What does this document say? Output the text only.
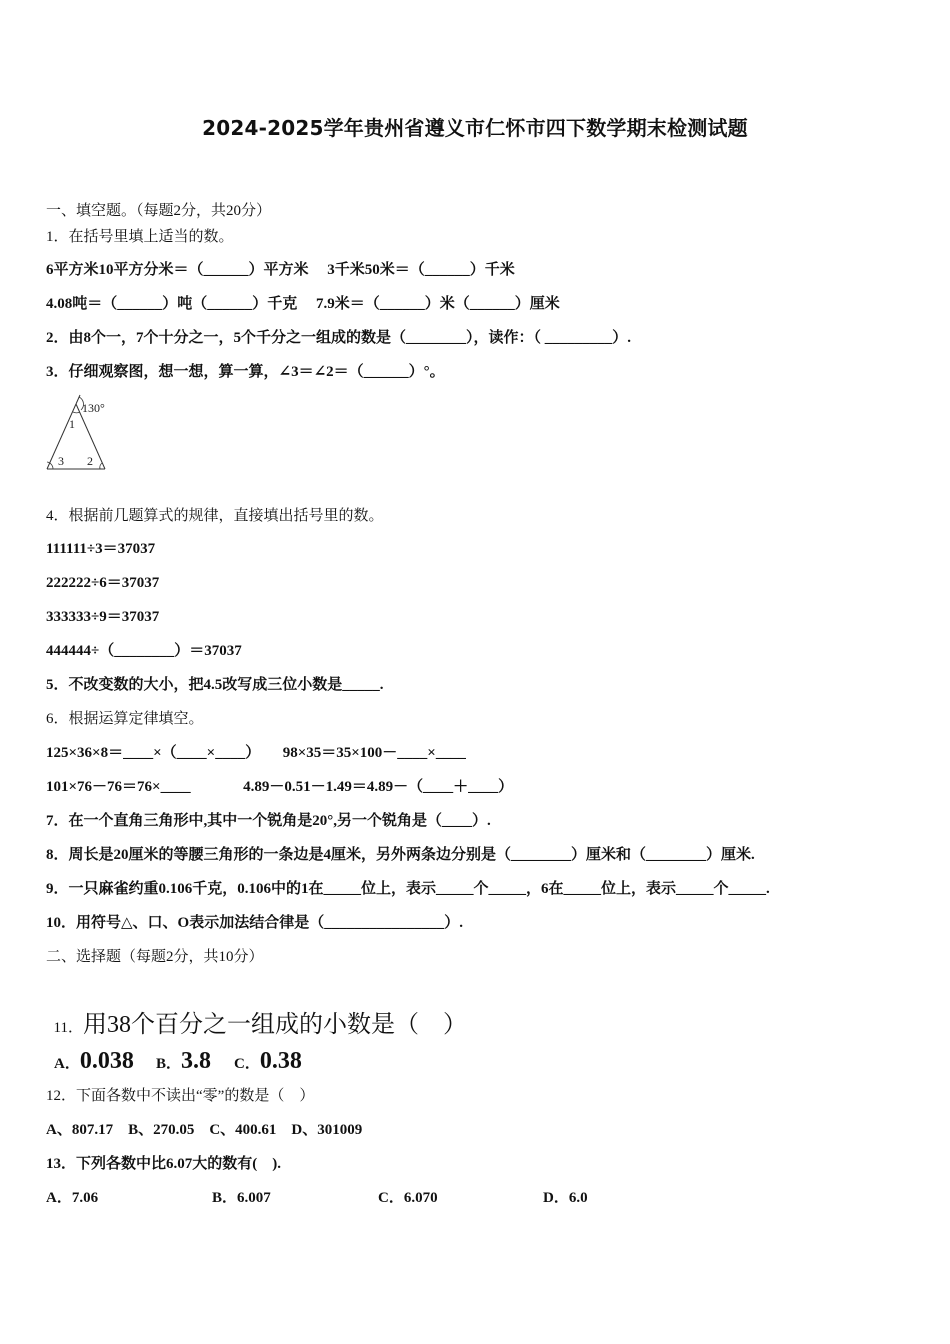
2024-2025学年贵州省遵义市仁怀市四下数学期末检测试题
一、填空题。（每题2分，共20分）
1．在括号里填上适当的数。
6平方米10平方分米＝（______）平方米     3千米50米＝（______）千米
4.08吨＝（______）吨（______）千克     7.9米＝（______）米（______）厘米
2．由8个一，7个十分之一，5个千分之一组成的数是（________），读作：（ _________）.
3．仔细观察图，想一想，算一算，∠3＝∠2＝（______）°。
130°
1
3 2
4．根据前几题算式的规律，直接填出括号里的数。
111111÷3＝37037
222222÷6＝37037
333333÷9＝37037
444444÷（________）＝37037
5．不改变数的大小，把4.5改写成三位小数是_____.
6．根据运算定律填空。
125×36×8＝____×（____×____）      98×35＝35×100－____×____
101×76－76＝76×____              4.89－0.51－1.49＝4.89－（____＋____）
7．在一个直角三角形中,其中一个锐角是20°,另一个锐角是（____）.
8．周长是20厘米的等腰三角形的一条边是4厘米，另外两条边分别是（________）厘米和（________）厘米.
9．一只麻雀约重0.106千克，0.106中的1在_____位上，表示_____个_____，6在_____位上，表示_____个_____.
10．用符号△、口、O表示加法结合律是（________________）.
二、选择题（每题2分，共10分）

11．用38个百分之一组成的小数是（　）

A．0.038	B．3.8	C．0.38

12．下面各数中不读出“零”的数是（　）
A、807.17　B、270.05　C、400.61　D、301009
13．下列各数中比6.07大的数有(　).
A．7.06	B．6.007	C．6.070	D．6.0
